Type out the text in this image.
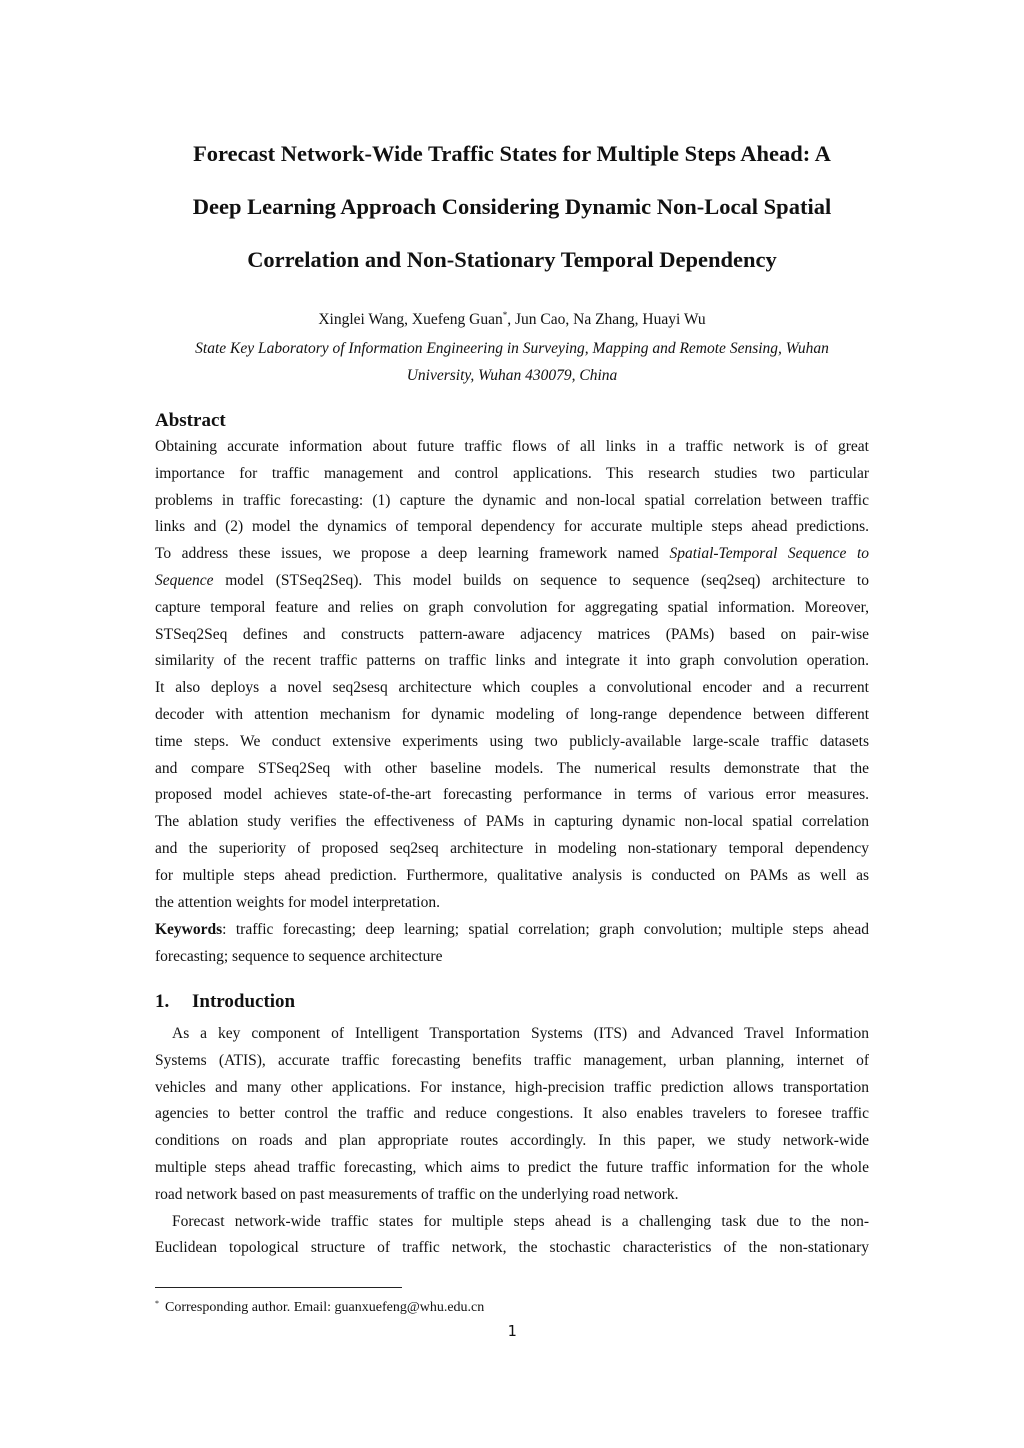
Forecast Network-Wide Traffic States for Multiple Steps Ahead: A
Deep Learning Approach Considering Dynamic Non-Local Spatial
Correlation and Non-Stationary Temporal Dependency
Xinglei Wang, Xuefeng Guan*, Jun Cao, Na Zhang, Huayi Wu
State Key Laboratory of Information Engineering in Surveying, Mapping and Remote Sensing, Wuhan
University, Wuhan 430079, China
Abstract
Obtaining accurate information about future traffic flows of all links in a traffic network is of great
importance for traffic management and control applications. This research studies two particular
problems in traffic forecasting: (1) capture the dynamic and non-local spatial correlation between traffic
links and (2) model the dynamics of temporal dependency for accurate multiple steps ahead predictions.
To address these issues, we propose a deep learning framework named Spatial-Temporal Sequence to
Sequence model (STSeq2Seq). This model builds on sequence to sequence (seq2seq) architecture to
capture temporal feature and relies on graph convolution for aggregating spatial information. Moreover,
STSeq2Seq defines and constructs pattern-aware adjacency matrices (PAMs) based on pair-wise
similarity of the recent traffic patterns on traffic links and integrate it into graph convolution operation.
It also deploys a novel seq2sesq architecture which couples a convolutional encoder and a recurrent
decoder with attention mechanism for dynamic modeling of long-range dependence between different
time steps. We conduct extensive experiments using two publicly-available large-scale traffic datasets
and compare STSeq2Seq with other baseline models. The numerical results demonstrate that the
proposed model achieves state-of-the-art forecasting performance in terms of various error measures.
The ablation study verifies the effectiveness of PAMs in capturing dynamic non-local spatial correlation
and the superiority of proposed seq2seq architecture in modeling non-stationary temporal dependency
for multiple steps ahead prediction. Furthermore, qualitative analysis is conducted on PAMs as well as
the attention weights for model interpretation.
Keywords: traffic forecasting; deep learning; spatial correlation; graph convolution; multiple steps ahead
forecasting; sequence to sequence architecture
1. Introduction
As a key component of Intelligent Transportation Systems (ITS) and Advanced Travel Information
Systems (ATIS), accurate traffic forecasting benefits traffic management, urban planning, internet of
vehicles and many other applications. For instance, high-precision traffic prediction allows transportation
agencies to better control the traffic and reduce congestions. It also enables travelers to foresee traffic
conditions on roads and plan appropriate routes accordingly. In this paper, we study network-wide
multiple steps ahead traffic forecasting, which aims to predict the future traffic information for the whole
road network based on past measurements of traffic on the underlying road network.
Forecast network-wide traffic states for multiple steps ahead is a challenging task due to the non-
Euclidean topological structure of traffic network, the stochastic characteristics of the non-stationary
* Corresponding author. Email: guanxuefeng@whu.edu.cn
1
